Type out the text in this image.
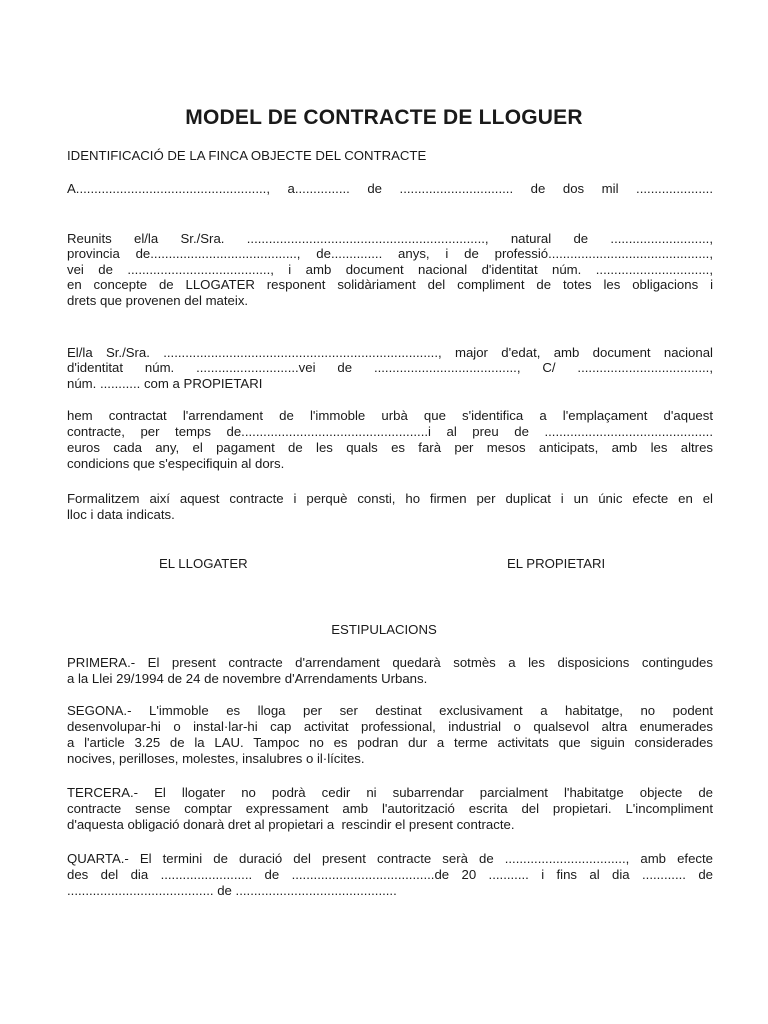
MODEL DE CONTRACTE DE LLOGUER

IDENTIFICACIÓ DE LA FINCA OBJECTE DEL CONTRACTE

A...................................................., a............... de ............................... de dos mil .....................

Reunits el/la Sr./Sra. ................................................................., natural de ...........................,

provincia de........................................, de.............. anys, i de professió............................................,

vei de ......................................., i amb document nacional d'identitat núm. ...............................,

en concepte de LLOGATER responent solidàriament del compliment de totes les obligacions i

drets que provenen del mateix.

El/la Sr./Sra. ..........................................................................., major d'edat, amb document nacional

d'identitat núm. ............................vei de ......................................., C/ ....................................,

núm. ........... com a PROPIETARI

hem contractat l'arrendament de l'immoble urbà que s'identifica a l'emplaçament d'aquest

contracte, per temps de...................................................i al preu de ..............................................

euros cada any, el pagament de les quals es farà per mesos anticipats, amb les altres

condicions que s'especifiquin al dors.

Formalitzem així aquest contracte i perquè consti, ho firmen per duplicat i un únic efecte en el

lloc i data indicats.

EL LLOGATER	EL PROPIETARI

ESTIPULACIONS

PRIMERA.- El present contracte d'arrendament quedarà sotmès a les disposicions contingudes

a la Llei 29/1994 de 24 de novembre d'Arrendaments Urbans.

SEGONA.- L'immoble es lloga per ser destinat exclusivament a habitatge, no podent

desenvolupar-hi o instal·lar-hi cap activitat professional, industrial o qualsevol altra enumerades

a l'article 3.25 de la LAU. Tampoc no es podran dur a terme activitats que siguin considerades

nocives, perilloses, molestes, insalubres o il·lícites.

TERCERA.- El llogater no podrà cedir ni subarrendar parcialment l'habitatge objecte de

contracte sense comptar expressament amb l'autorització escrita del propietari. L'incompliment

d'aquesta obligació donarà dret al propietari a  rescindir el present contracte.

QUARTA.- El termini de duració del present contracte serà de ................................., amb efecte

des del dia ......................... de .......................................de 20 ........... i fins al dia ............ de

........................................ de ............................................
